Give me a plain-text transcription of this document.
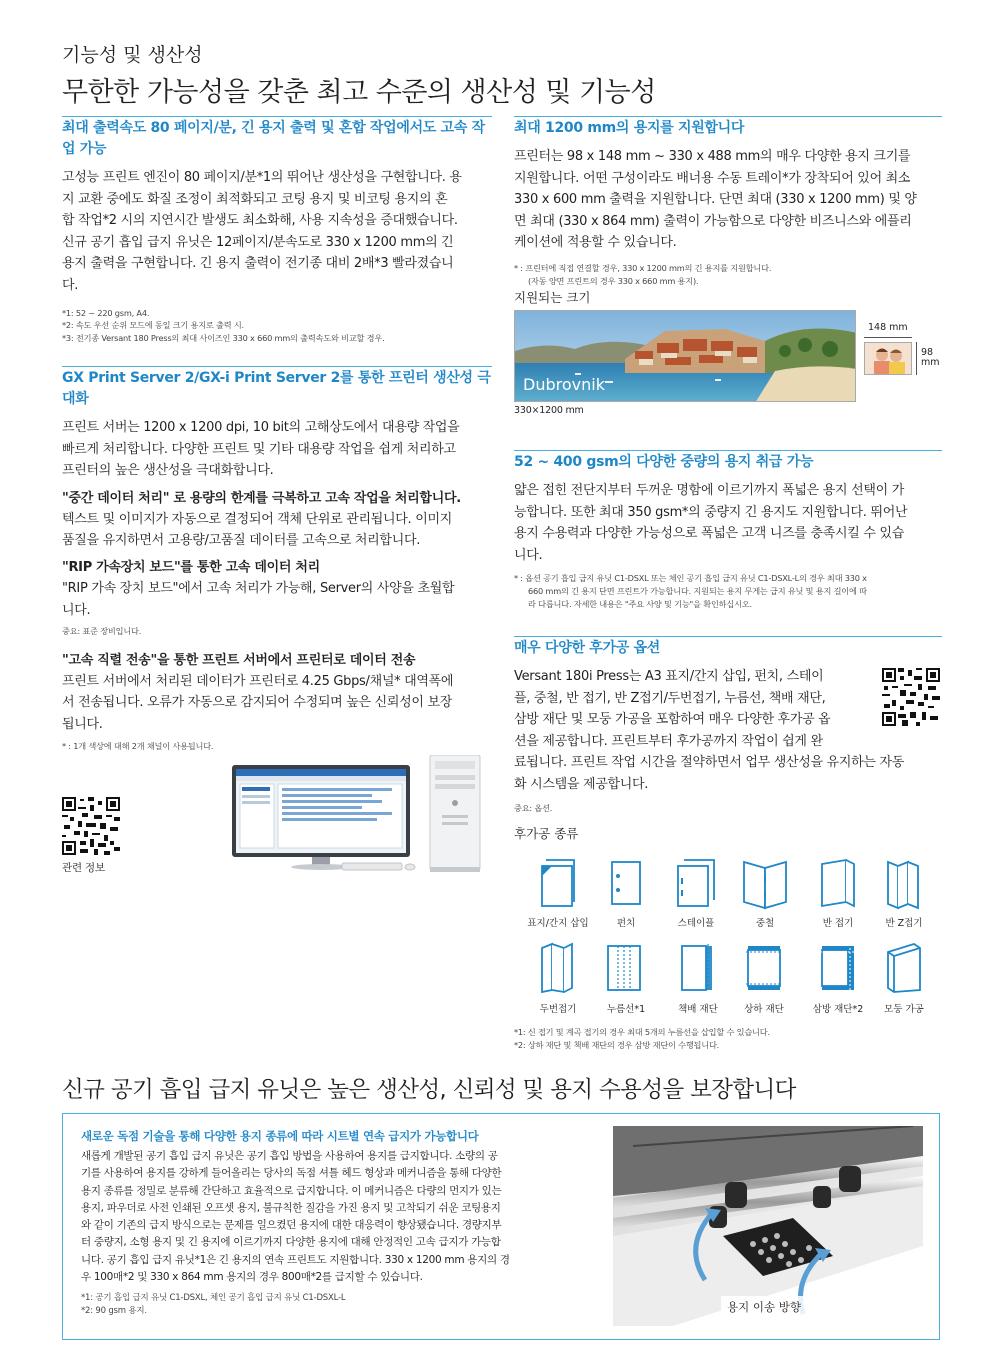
기능성 및 생산성
무한한 가능성을 갖춘 최고 수준의 생산성 및 기능성
최대 출력속도 80 페이지/분, 긴 용지 출력 및 혼합 작업에서도 고속 작업 가능

고성능 프린트 엔진이 80 페이지/분*1의 뛰어난 생산성을 구현합니다. 용

지 교환 중에도 화질 조정이 최적화되고 코팅 용지 및 비코팅 용지의 혼

합 작업*2 시의 지연시간 발생도 최소화해, 사용 지속성을 증대했습니다.

신규 공기 흡입 급지 유닛은 12페이지/분속도로 330 x 1200 mm의 긴

용지 출력을 구현합니다. 긴 용지 출력이 전기종 대비 2배*3 빨라졌습니

다.

*1: 52 ~ 220 gsm, A4.

*2: 속도 우선 순위 모드에 동일 크기 용지로 출력 시.

*3: 전기종 Versant 180 Press의 최대 사이즈인 330 x 660 mm의 출력속도와 비교할 경우.

GX Print Server 2/GX-i Print Server 2를 통한 프린터 생산성 극대화

프린트 서버는 1200 x 1200 dpi, 10 bit의 고해상도에서 대용량 작업을

빠르게 처리합니다. 다양한 프린트 및 기타 대용량 작업을 쉽게 처리하고

프린터의 높은 생산성을 극대화합니다.

"중간 데이터 처리" 로 용량의 한계를 극복하고 고속 작업을 처리합니다.

텍스트 및 이미지가 자동으로 결정되어 객체 단위로 관리됩니다. 이미지

품질을 유지하면서 고용량/고품질 데이터를 고속으로 처리합니다.

"RIP 가속장치 보드"를 통한 고속 데이터 처리

"RIP 가속 장치 보드"에서 고속 처리가 가능해, Server의 사양을 초월합

니다.

중요: 표준 장비입니다.
"고속 직렬 전송"을 통한 프린트 서버에서 프린터로 데이터 전송

프린트 서버에서 처리된 데이터가 프린터로 4.25 Gbps/채널* 대역폭에

서 전송됩니다. 오류가 자동으로 감지되어 수정되며 높은 신뢰성이 보장

됩니다.

* : 1개 색상에 대해 2개 채널이 사용됩니다.
관련 정보
최대 1200 mm의 용지를 지원합니다

프린터는 98 x 148 mm ~ 330 x 488 mm의 매우 다양한 용지 크기를

지원합니다. 어떤 구성이라도 배너용 수동 트레이*가 장착되어 있어 최소

330 x 600 mm 출력을 지원합니다. 단면 최대 (330 x 1200 mm) 및 양

면 최대 (330 x 864 mm) 출력이 가능함으로 다양한 비즈니스와 에플리

케이션에 적용할 수 있습니다.

* : 프린터에 직접 연결할 경우, 330 x 1200 mm의 긴 용지를 지원합니다.

(자동 양면 프린트의 경우 330 x 660 mm 용지).

지원되는 크기
Dubrovnik
330×1200 mm
148 mm
98
mm
52 ~ 400 gsm의 다양한 중량의 용지 취급 가능

얇은 접힌 전단지부터 두꺼운 명함에 이르기까지 폭넓은 용지 선택이 가

능합니다. 또한 최대 350 gsm*의 중량지 긴 용지도 지원합니다. 뛰어난

용지 수용력과 다양한 가능성으로 폭넓은 고객 니즈를 충족시킬 수 있습

니다.

* : 옵션 공기 흡입 급지 유닛 C1-DSXL 또는 체인 공기 흡입 급지 유닛 C1-DSXL-L의 경우 최대 330 x

660 mm의 긴 용지 단면 프린트가 가능합니다. 지원되는 용지 무게는 급지 유닛 및 용지 길이에 따

라 다릅니다. 자세한 내용은 "주요 사양 및 기능"을 확인하십시오.

매우 다양한 후가공 옵션

Versant 180i Press는 A3 표지/간지 삽입, 펀치, 스테이

플, 중철, 반 접기, 반 Z접기/두번접기, 누름선, 책배 재단,

삼방 재단 및 모둥 가공을 포함하여 매우 다양한 후가공 옵

션을 제공합니다. 프린트부터 후가공까지 작업이 쉽게 완

료됩니다. 프린트 작업 시간을 절약하면서 업무 생산성을 유지하는 자동

화 시스템을 제공합니다.

중요: 옵션.
후가공 종류
표지/간지 삽입	펀치	스테이플	중철	반 접기	반 Z접기
두번접기	누름선*1	책배 재단	상하 재단	삼방 재단*2	모둥 가공

*1: 신 접기 및 계곡 접기의 경우 최대 5개의 누름선을 삽입할 수 있습니다.

*2: 상하 재단 및 책배 재단의 경우 삼방 재단이 수행됩니다.

신규 공기 흡입 급지 유닛은 높은 생산성, 신뢰성 및 용지 수용성을 보장합니다
새로운 독점 기술을 통해 다양한 용지 종류에 따라 시트별 연속 급지가 가능합니다

새롭게 개발된 공기 흡입 급지 유닛은 공기 흡입 방법을 사용하여 용지를 급지합니다. 소량의 공

기를 사용하여 용지를 강하게 들어올리는 당사의 독점 셔틀 헤드 형상과 메커니즘을 통해 다양한

용지 종류를 정밀로 분류해 간단하고 효율적으로 급지합니다. 이 메커니즘은 다량의 먼지가 있는

용지, 파우더로 사전 인쇄된 오프셋 용지, 불규칙한 질감을 가진 용지 및 고착되기 쉬운 코팅용지

와 같이 기존의 급지 방식으로는 문제를 일으켰던 용지에 대한 대응력이 향상됐습니다. 경량지부

터 중량지, 소형 용지 및 긴 용지에 이르기까지 다양한 용지에 대해 안정적인 고속 급지가 가능합

니다. 공기 흡입 급지 유닛*1은 긴 용지의 연속 프린트도 지원합니다. 330 x 1200 mm 용지의 경

우 100매*2 및 330 x 864 mm 용지의 경우 800매*2를 급지할 수 있습니다.

*1: 공기 흡입 급지 유닛 C1-DSXL, 체인 공기 흡입 급지 유닛 C1-DSXL-L

*2: 90 gsm 용지.	용지 이송 방향
